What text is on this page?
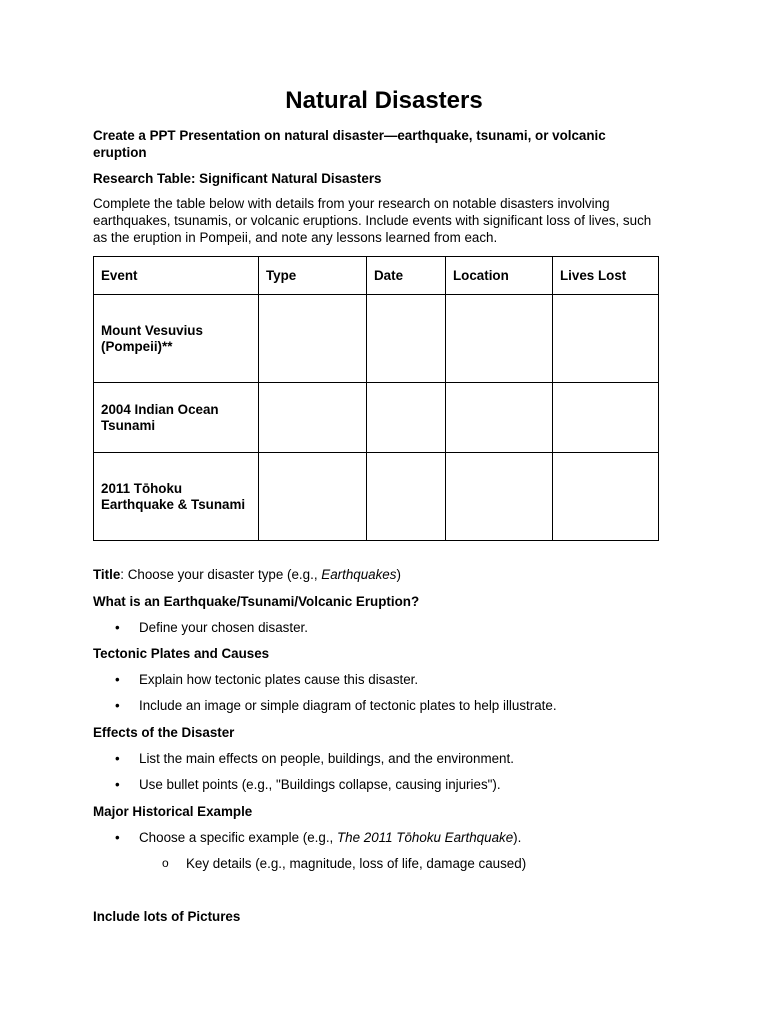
Natural Disasters

Create a PPT Presentation on natural disaster—earthquake, tsunami, or volcanic eruption

Research Table: Significant Natural Disasters

Complete the table below with details from your research on notable disasters involving earthquakes, tsunamis, or volcanic eruptions. Include events with significant loss of lives, such as the eruption in Pompeii, and note any lessons learned from each.

Event	Type	Date	Location	Lives Lost
Mount Vesuvius (Pompeii)**				
2004 Indian Ocean Tsunami				
2011 Tōhoku Earthquake & Tsunami				

Title: Choose your disaster type (e.g., Earthquakes)

What is an Earthquake/Tsunami/Volcanic Eruption?

• Define your chosen disaster.

Tectonic Plates and Causes

• Explain how tectonic plates cause this disaster.
• Include an image or simple diagram of tectonic plates to help illustrate.

Effects of the Disaster

• List the main effects on people, buildings, and the environment.
• Use bullet points (e.g., "Buildings collapse, causing injuries").

Major Historical Example

• Choose a specific example (e.g., The 2011 Tōhoku Earthquake).
o Key details (e.g., magnitude, loss of life, damage caused)

Include lots of Pictures
